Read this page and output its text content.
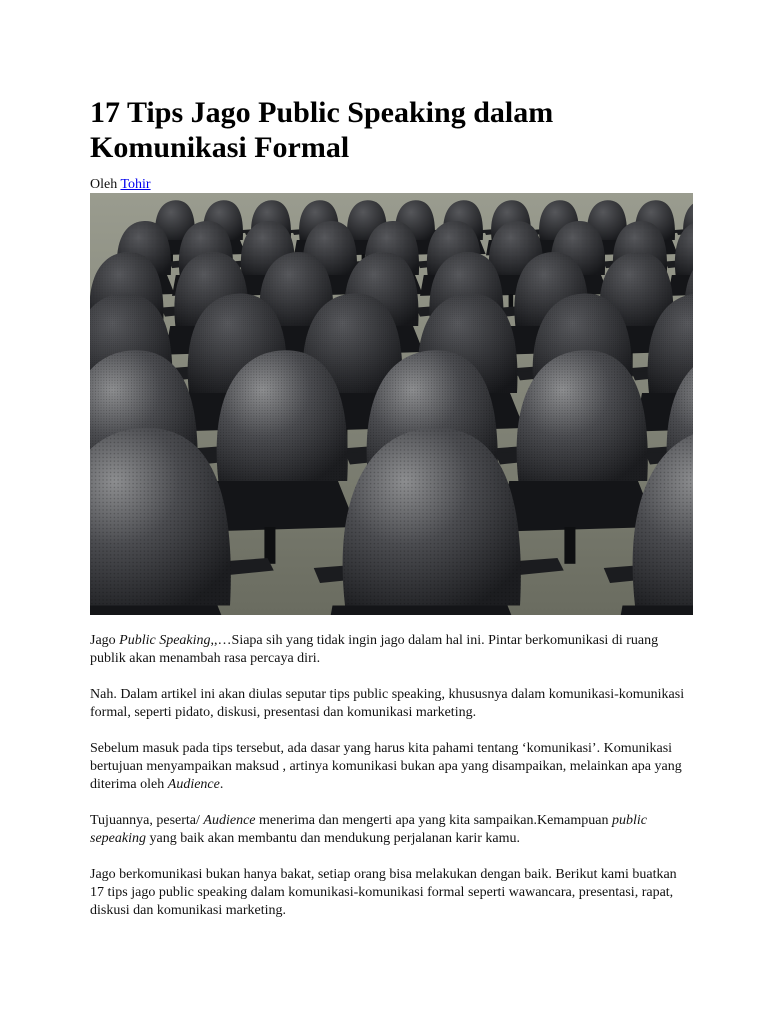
17 Tips Jago Public Speaking dalam Komunikasi Formal
Oleh Tohir

Jago Public Speaking,,…Siapa sih yang tidak ingin jago dalam hal ini. Pintar berkomunikasi di ruang publik akan menambah rasa percaya diri.

Nah. Dalam artikel ini akan diulas seputar tips public speaking, khususnya dalam komunikasi-komunikasi formal, seperti pidato, diskusi, presentasi dan komunikasi marketing.

Sebelum masuk pada tips tersebut, ada dasar yang harus kita pahami tentang ‘komunikasi’. Komunikasi bertujuan menyampaikan maksud , artinya komunikasi bukan apa yang disampaikan, melainkan apa yang diterima oleh Audience.

Tujuannya, peserta/ Audience menerima dan mengerti apa yang kita sampaikan.Kemampuan public sepeaking yang baik akan membantu dan mendukung perjalanan karir kamu.

Jago berkomunikasi bukan hanya bakat, setiap orang bisa melakukan dengan baik. Berikut kami buatkan 17 tips jago public speaking dalam komunikasi-komunikasi formal seperti wawancara, presentasi, rapat, diskusi dan komunikasi marketing.
